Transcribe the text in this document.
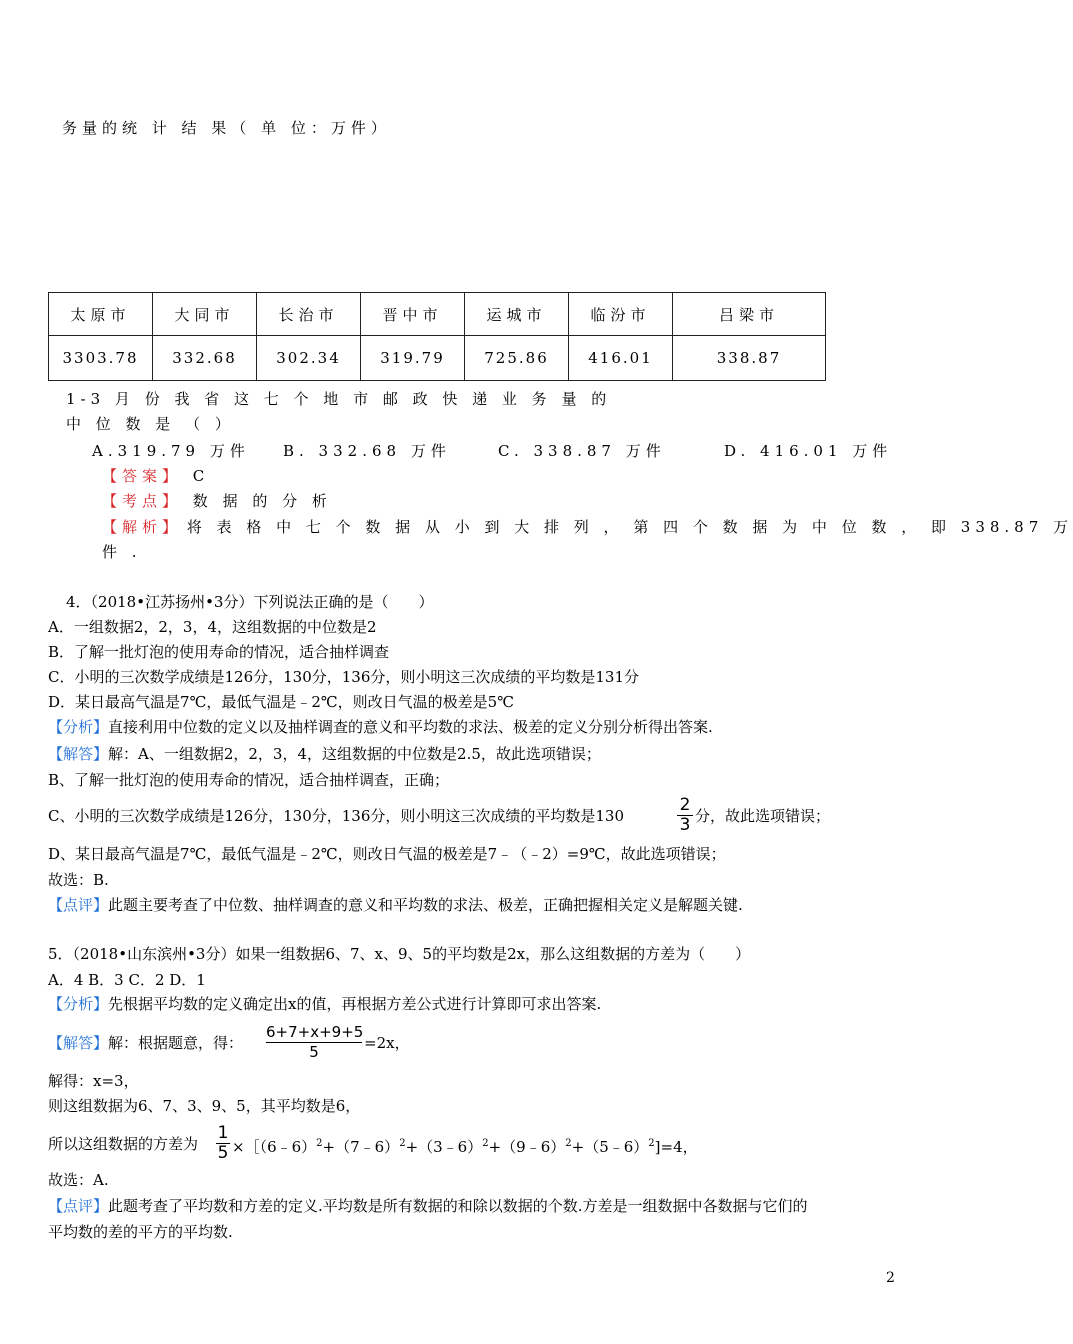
务量的统 计 结 果（ 单 位：万件）
太原市	大同市	长治市	晋中市	运城市	临汾市	吕梁市
3303.78	332.68	302.34	319.79	725.86	416.01	338.87
1-3 月 份 我 省 这 七 个 地 市 邮 政 快 递 业 务 量 的
中 位 数 是 （ ）
A.319.79 万件 B. 332.68 万件	C. 338.87 万件	D. 416.01 万件
【答案】 C
【考点】 数 据 的 分 析
【解析】 将 表 格 中 七 个 数 据 从 小 到 大 排 列 ， 第 四 个 数 据 为 中 位 数 ， 即 338.87 万
件 .
4．（2018•江苏扬州•3分）下列说法正确的是（　　）
A．一组数据2，2，3，4，这组数据的中位数是2
B．了解一批灯泡的使用寿命的情况，适合抽样调查
C．小明的三次数学成绩是126分，130分，136分，则小明这三次成绩的平均数是131分
D．某日最高气温是7℃，最低气温是﹣2℃，则改日气温的极差是5℃
【分析】直接利用中位数的定义以及抽样调查的意义和平均数的求法、极差的定义分别分析得出答案.
【解答】解：A、一组数据2，2，3，4，这组数据的中位数是2.5，故此选项错误；
B、了解一批灯泡的使用寿命的情况，适合抽样调查，正确；
C、小明的三次数学成绩是126分，130分，136分，则小明这三次成绩的平均数是130	$\frac{2}{3}$ 分，故此选项错误；
D、某日最高气温是7℃，最低气温是﹣2℃，则改日气温的极差是7﹣（﹣2）=9℃，故此选项错误；
故选：B.
【点评】此题主要考查了中位数、抽样调查的意义和平均数的求法、极差，正确把握相关定义是解题关键.
5．（2018•山东滨州•3分）如果一组数据6、7、x、9、5的平均数是2x，那么这组数据的方差为（　　）
A．4 B．3 C．2 D．1
【分析】先根据平均数的定义确定出x的值，再根据方差公式进行计算即可求出答案.
【解答】解：根据题意，得： $\frac{6+7+x+9+5}{5} =2x$，
解得：x=3，
则这组数据为6、7、3、9、5，其平均数是6，
所以这组数据的方差为 $\frac{1}{5}$ ×［（6﹣6）$^2$+（7﹣6）$^2$+（3﹣6）$^2$+（9﹣6）$^2$+（5﹣6）$^2$]=4，
故选：A.
【点评】此题考查了平均数和方差的定义.平均数是所有数据的和除以数据的个数.方差是一组数据中各数据与它们的
平均数的差的平方的平均数.
2
